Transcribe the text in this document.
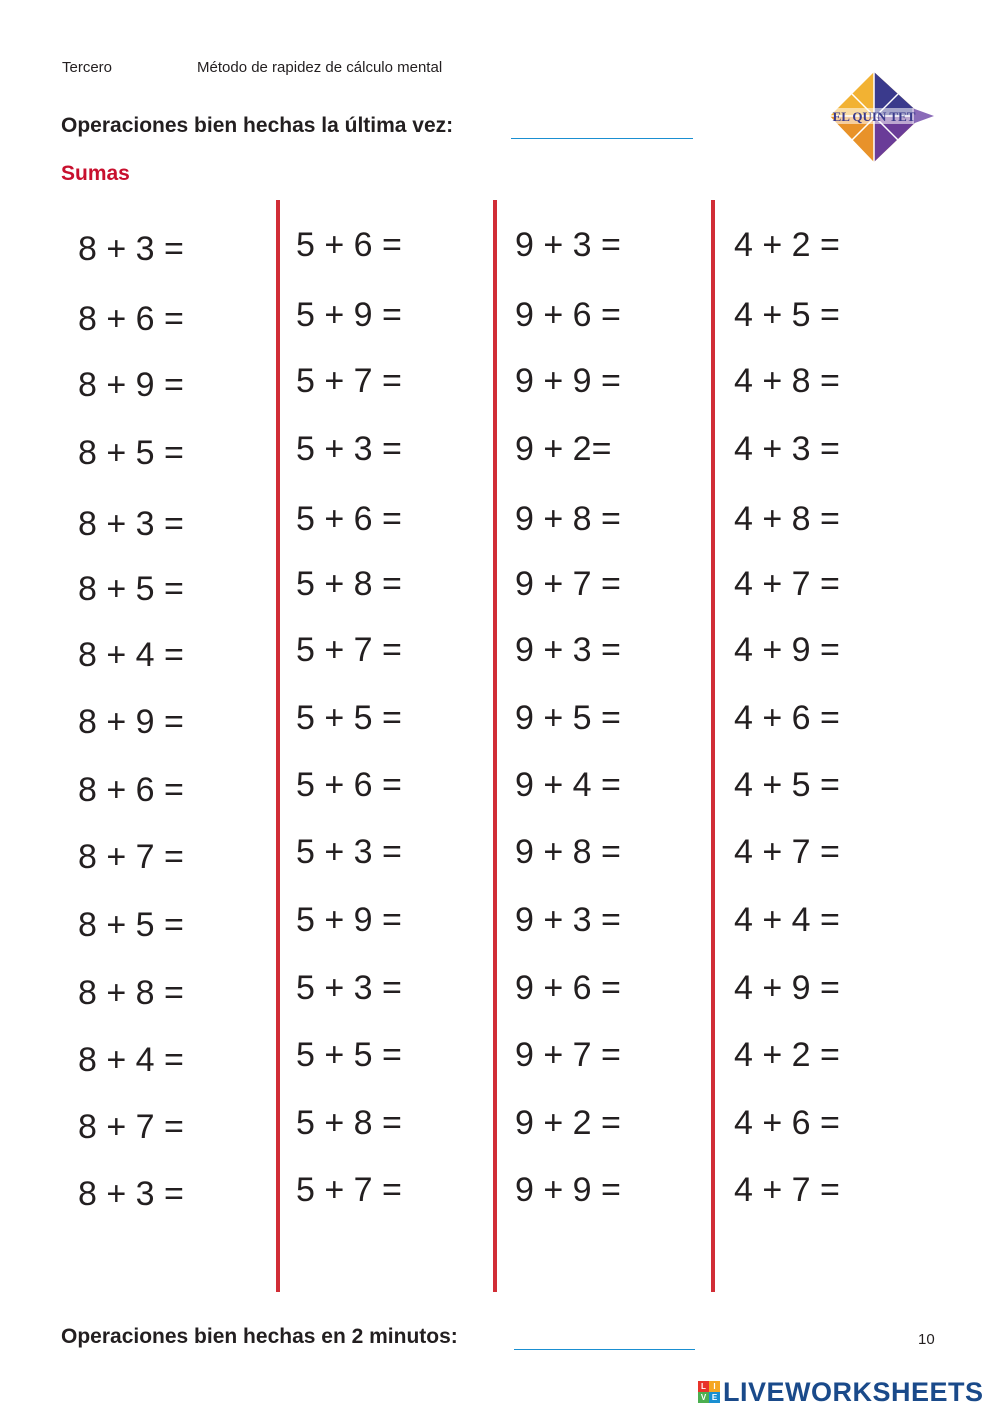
Tercero	Método de rapidez de cálculo mental
Operaciones bien hechas la última vez:
Sumas
EL QUIN TET
8 + 3 =
8 + 6 =
8 + 9 =
8 + 5 =
8 + 3 =
8 + 5 =
8 + 4 =
8 + 9 =
8 + 6 =
8 + 7 =
8 + 5 =
8 + 8 =
8 + 4 =
8 + 7 =
8 + 3 =
5 + 6 =
5 + 9 =
5 + 7 =
5 + 3 =
5 + 6 =
5 + 8 =
5 + 7 =
5 + 5 =
5 + 6 =
5 + 3 =
5 + 9 =
5 + 3 =
5 + 5 =
5 + 8 =
5 + 7 =
9 + 3 =
9 + 6 =
9 + 9 =
9 + 2=
9 + 8 =
9 + 7 =
9 + 3 =
9 + 5 =
9 + 4 =
9 + 8 =
9 + 3 =
9 + 6 =
9 + 7 =
9 + 2 =
9 + 9 =
4 + 2 =
4 + 5 =
4 + 8 =
4 + 3 =
4 + 8 =
4 + 7 =
4 + 9 =
4 + 6 =
4 + 5 =
4 + 7 =
4 + 4 =
4 + 9 =
4 + 2 =
4 + 6 =
4 + 7 =
Operaciones bien hechas en 2 minutos:	10
L I
V E LIVEWORKSHEETS
